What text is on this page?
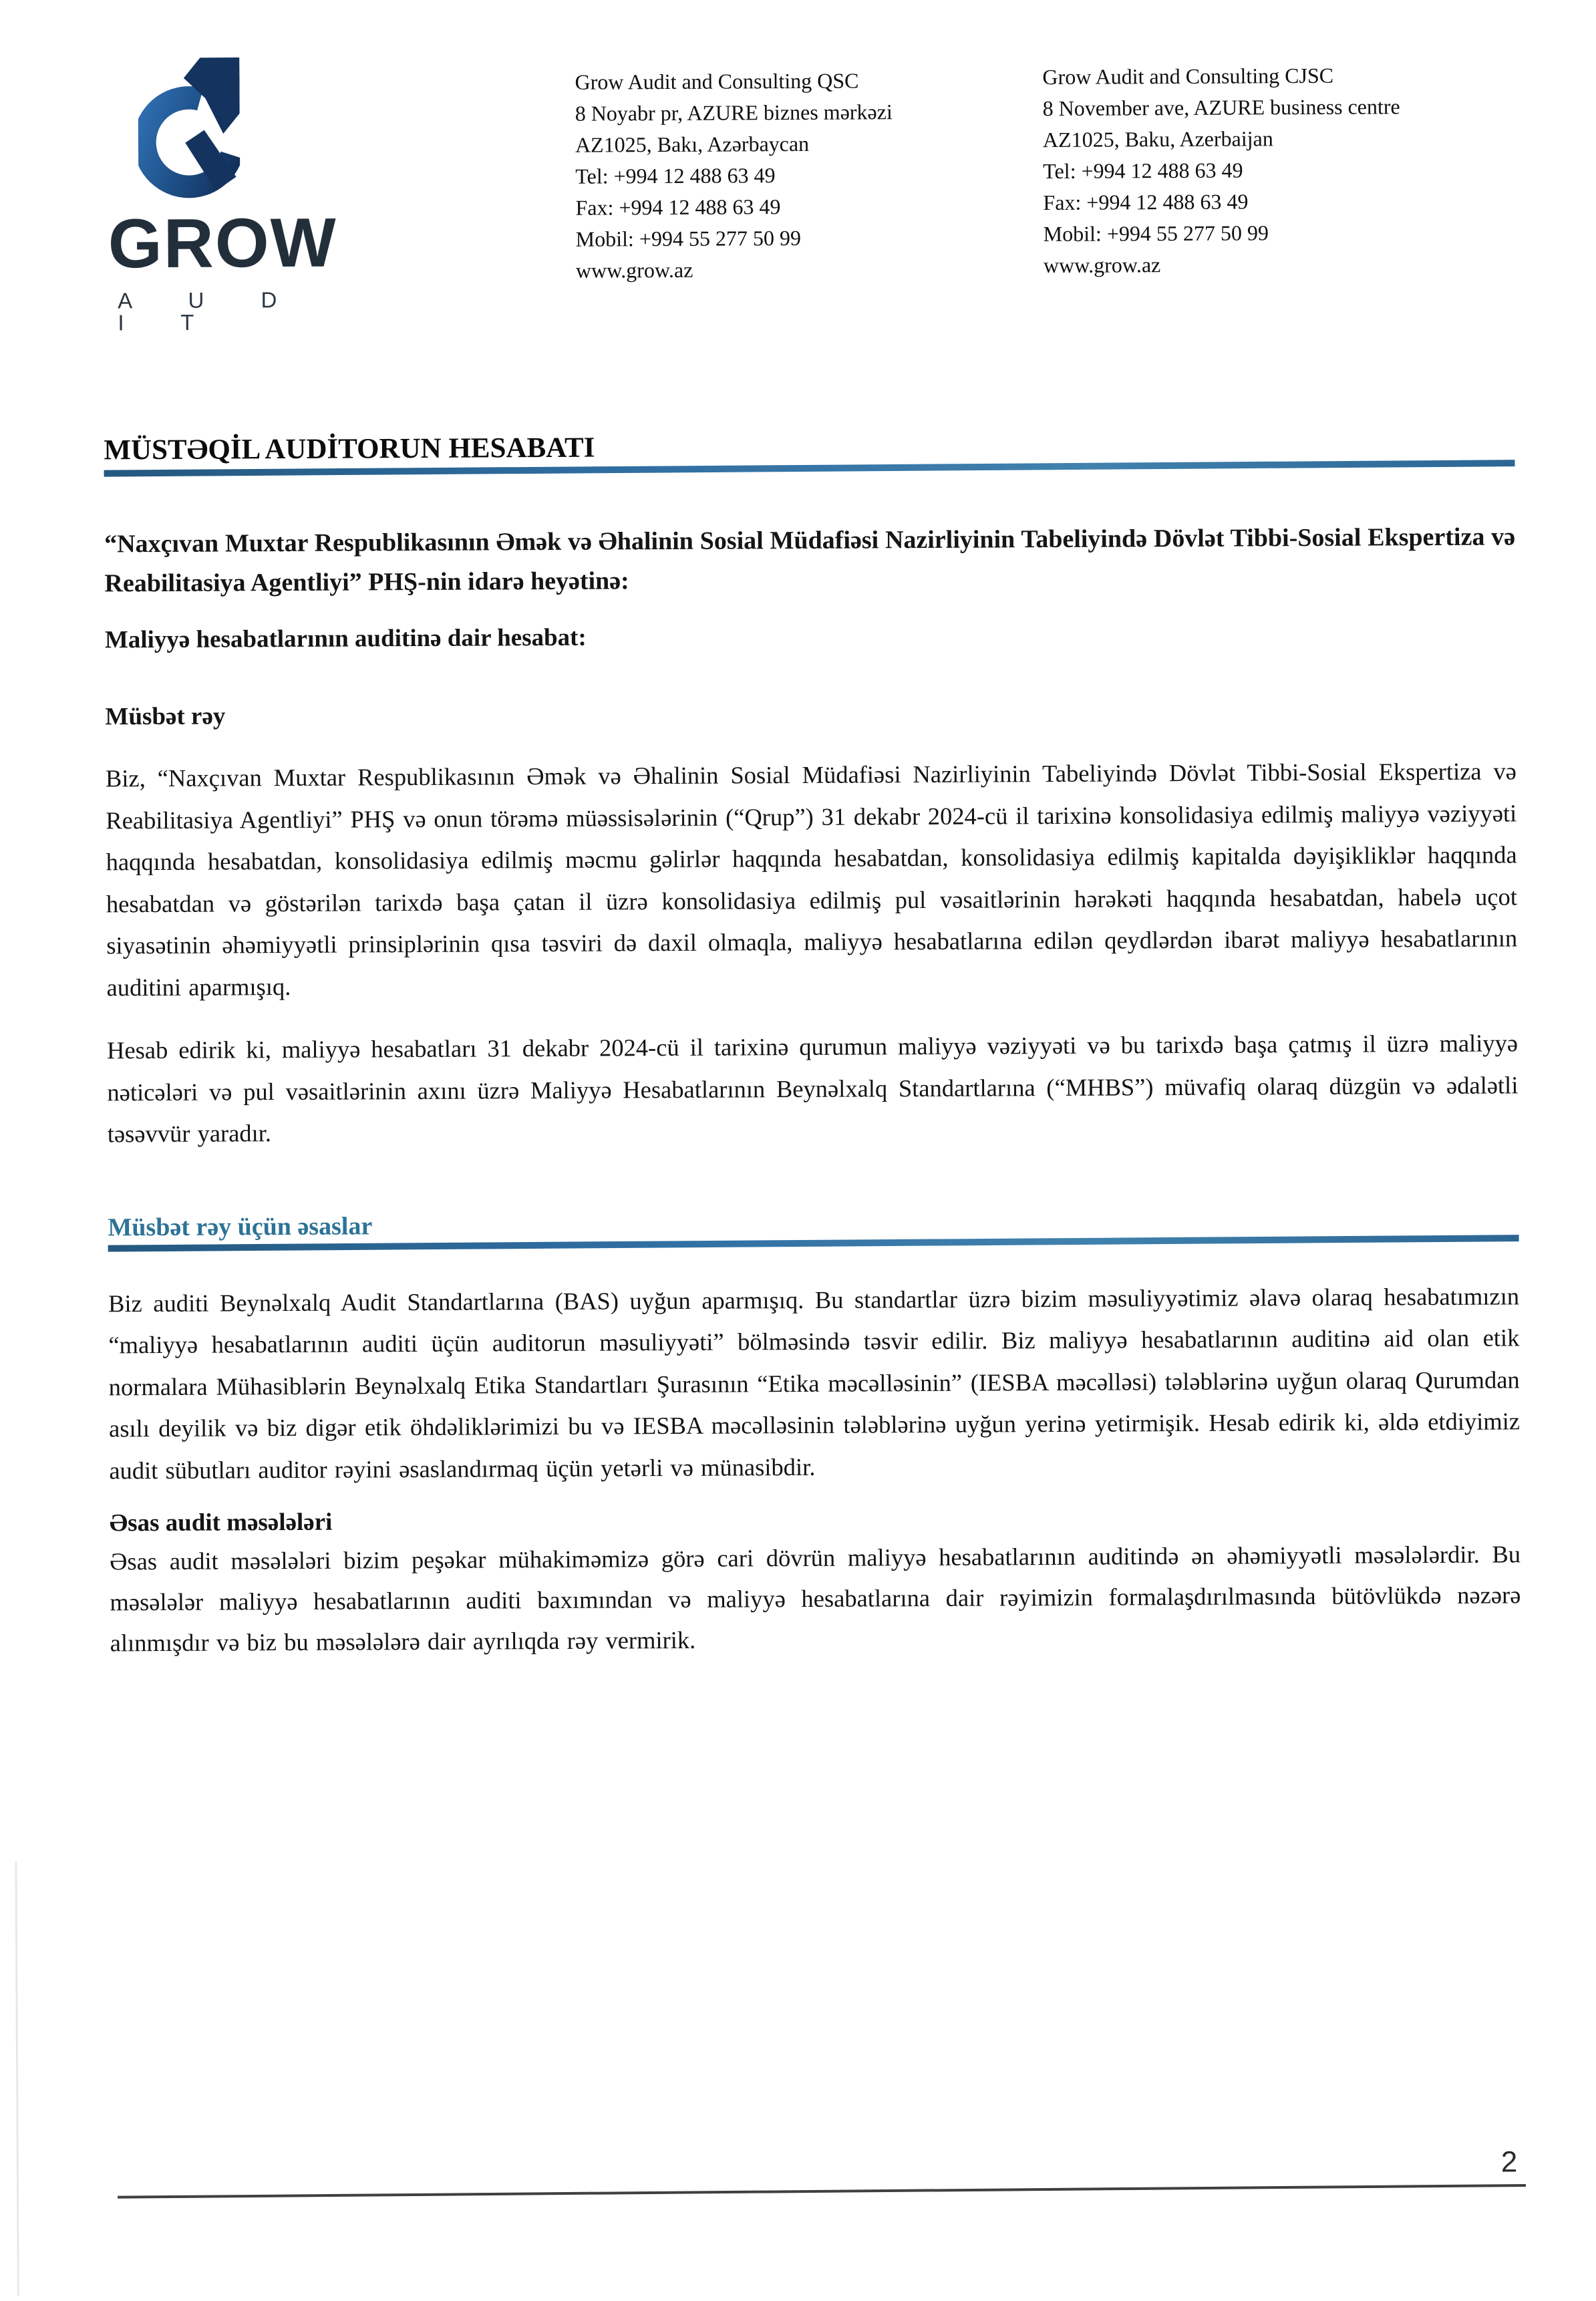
GROW
A U D I T
Grow Audit and Consulting QSC
8 Noyabr pr, AZURE biznes mərkəzi
AZ1025, Bakı, Azərbaycan
Tel: +994 12 488 63 49
Fax: +994 12 488 63 49
Mobil: +994 55 277 50 99
www.grow.az
Grow Audit and Consulting CJSC
8 November ave, AZURE business centre
AZ1025, Baku, Azerbaijan
Tel: +994 12 488 63 49
Fax: +994 12 488 63 49
Mobil: +994 55 277 50 99
www.grow.az
MÜSTƏQİL AUDİTORUN HESABATI

“Naxçıvan Muxtar Respublikasının Əmək və Əhalinin Sosial Müdafiəsi Nazirliyinin Tabeliyində Dövlət Tibbi-Sosial Ekspertiza və Reabilitasiya Agentliyi” PHŞ-nin idarə heyətinə:

Maliyyə hesabatlarının auditinə dair hesabat:

Müsbət rəy

Biz, “Naxçıvan Muxtar Respublikasının Əmək və Əhalinin Sosial Müdafiəsi Nazirliyinin Tabeliyində Dövlət Tibbi-Sosial Ekspertiza və Reabilitasiya Agentliyi” PHŞ və onun törəmə müəssisələrinin (“Qrup”) 31 dekabr 2024-cü il tarixinə konsolidasiya edilmiş maliyyə vəziyyəti haqqında hesabatdan, konsolidasiya edilmiş məcmu gəlirlər haqqında hesabatdan, konsolidasiya edilmiş kapitalda dəyişikliklər haqqında hesabatdan və göstərilən tarixdə başa çatan il üzrə konsolidasiya edilmiş pul vəsaitlərinin hərəkəti haqqında hesabatdan, habelə uçot siyasətinin əhəmiyyətli prinsiplərinin qısa təsviri də daxil olmaqla, maliyyə hesabatlarına edilən qeydlərdən ibarət maliyyə hesabatlarının auditini aparmışıq.

Hesab edirik ki, maliyyə hesabatları 31 dekabr 2024-cü il tarixinə qurumun maliyyə vəziyyəti və bu tarixdə başa çatmış il üzrə maliyyə nəticələri və pul vəsaitlərinin axını üzrə Maliyyə Hesabatlarının Beynəlxalq Standartlarına (“MHBS”) müvafiq olaraq düzgün və ədalətli təsəvvür yaradır.

Müsbət rəy üçün əsaslar

Biz auditi Beynəlxalq Audit Standartlarına (BAS) uyğun aparmışıq. Bu standartlar üzrə bizim məsuliyyətimiz əlavə olaraq hesabatımızın “maliyyə hesabatlarının auditi üçün auditorun məsuliyyəti” bölməsində təsvir edilir. Biz maliyyə hesabatlarının auditinə aid olan etik normalara Mühasiblərin Beynəlxalq Etika Standartları Şurasının “Etika məcəlləsinin” (IESBA məcəlləsi) tələblərinə uyğun olaraq Qurumdan asılı deyilik və biz digər etik öhdəliklərimizi bu və IESBA məcəlləsinin tələblərinə uyğun yerinə yetirmişik. Hesab edirik ki, əldə etdiyimiz audit sübutları auditor rəyini əsaslandırmaq üçün yetərli və münasibdir.

Əsas audit məsələləri

Əsas audit məsələləri bizim peşəkar mühakiməmizə görə cari dövrün maliyyə hesabatlarının auditində ən əhəmiyyətli məsələlərdir. Bu məsələlər maliyyə hesabatlarının auditi baxımından və maliyyə hesabatlarına dair rəyimizin formalaşdırılmasında bütövlükdə nəzərə alınmışdır və biz bu məsələlərə dair ayrılıqda rəy vermirik.

2
